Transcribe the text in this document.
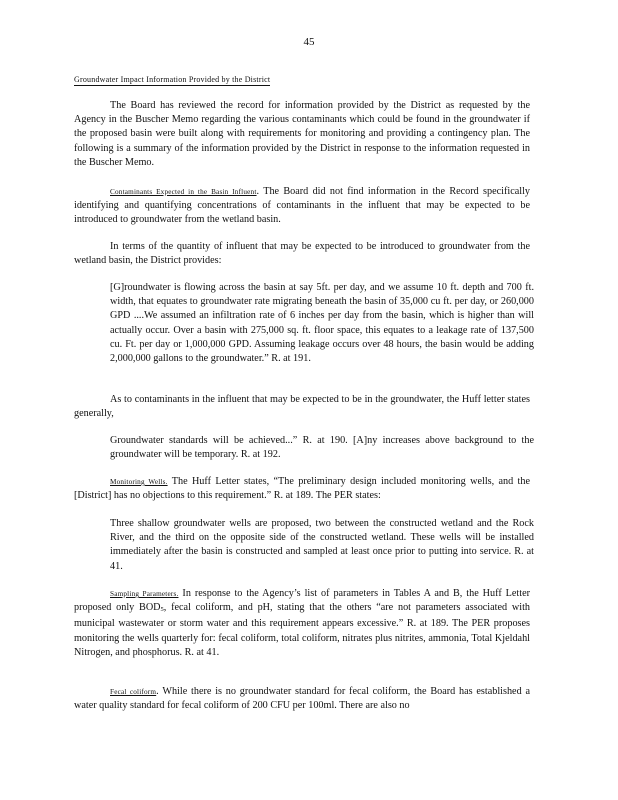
45
Groundwater Impact Information Provided by the District

The Board has reviewed the record for information provided by the District as requested by the Agency in the Buscher Memo regarding the various contaminants which could be found in the groundwater if the proposed basin were built along with requirements for monitoring and providing a contingency plan. The following is a summary of the information provided by the District in response to the information requested in the Buscher Memo.

Contaminants Expected in the Basin Influent. The Board did not find information in the Record specifically identifying and quantifying concentrations of contaminants in the influent that may be expected to be introduced to groundwater from the wetland basin.

In terms of the quantity of influent that may be expected to be introduced to groundwater from the wetland basin, the District provides:

[G]roundwater is flowing across the basin at say 5ft. per day, and we assume 10 ft. depth and 700 ft. width, that equates to groundwater rate migrating beneath the basin of 35,000 cu ft. per day, or 260,000 GPD ....We assumed an infiltration rate of 6 inches per day from the basin, which is higher than will actually occur. Over a basin with 275,000 sq. ft. floor space, this equates to a leakage rate of 137,500 cu. Ft. per day or 1,000,000 GPD. Assuming leakage occurs over 48 hours, the basin would be adding 2,000,000 gallons to the groundwater.” R. at 191.

As to contaminants in the influent that may be expected to be in the groundwater, the Huff letter states generally,

Groundwater standards will be achieved...” R. at 190. [A]ny increases above background to the groundwater will be temporary. R. at 192.

Monitoring Wells. The Huff Letter states, “The preliminary design included monitoring wells, and the [District] has no objections to this requirement.” R. at 189. The PER states:

Three shallow groundwater wells are proposed, two between the constructed wetland and the Rock River, and the third on the opposite side of the constructed wetland. These wells will be installed immediately after the basin is constructed and sampled at least once prior to putting into service. R. at 41.

Sampling Parameters. In response to the Agency’s list of parameters in Tables A and B, the Huff Letter proposed only BOD5, fecal coliform, and pH, stating that the others “are not parameters associated with municipal wastewater or storm water and this requirement appears excessive.” R. at 189. The PER proposes monitoring the wells quarterly for: fecal coliform, total coliform, nitrates plus nitrites, ammonia, Total Kjeldahl Nitrogen, and phosphorus. R. at 41.

Fecal coliform. While there is no groundwater standard for fecal coliform, the Board has established a water quality standard for fecal coliform of 200 CFU per 100ml. There are also no
